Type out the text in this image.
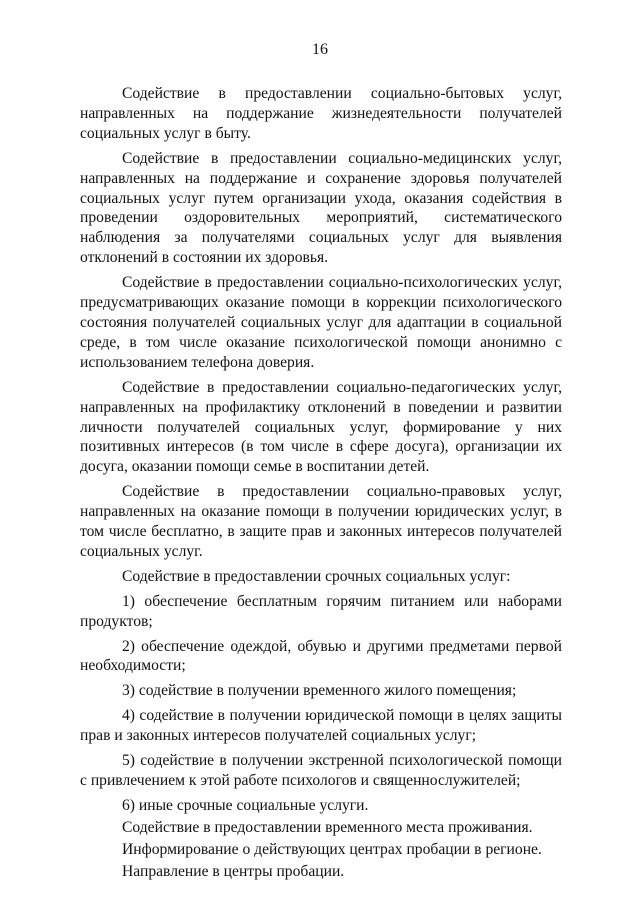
16

Содействие в предоставлении социально-бытовых услуг, направленных на поддержание жизнедеятельности получателей социальных услуг в быту.

Содействие в предоставлении социально-медицинских услуг, направленных на поддержание и сохранение здоровья получателей социальных услуг путем организации ухода, оказания содействия в проведении оздоровительных мероприятий, систематического наблюдения за получателями социальных услуг для выявления отклонений в состоянии их здоровья.

Содействие в предоставлении социально-психологических услуг, предусматривающих оказание помощи в коррекции психологического состояния получателей социальных услуг для адаптации в социальной среде, в том числе оказание психологической помощи анонимно с использованием телефона доверия.

Содействие в предоставлении социально-педагогических услуг, направленных на профилактику отклонений в поведении и развитии личности получателей социальных услуг, формирование у них позитивных интересов (в том числе в сфере досуга), организации их досуга, оказании помощи семье в воспитании детей.

Содействие в предоставлении социально-правовых услуг, направленных на оказание помощи в получении юридических услуг, в том числе бесплатно, в защите прав и законных интересов получателей социальных услуг.

Содействие в предоставлении срочных социальных услуг:

1) обеспечение бесплатным горячим питанием или наборами продуктов;

2) обеспечение одеждой, обувью и другими предметами первой необходимости;

3) содействие в получении временного жилого помещения;

4) содействие в получении юридической помощи в целях защиты прав и законных интересов получателей социальных услуг;

5) содействие в получении экстренной психологической помощи с привлечением к этой работе психологов и священнослужителей;

6) иные срочные социальные услуги.

Содействие в предоставлении временного места проживания.

Информирование о действующих центрах пробации в регионе.

Направление в центры пробации.
